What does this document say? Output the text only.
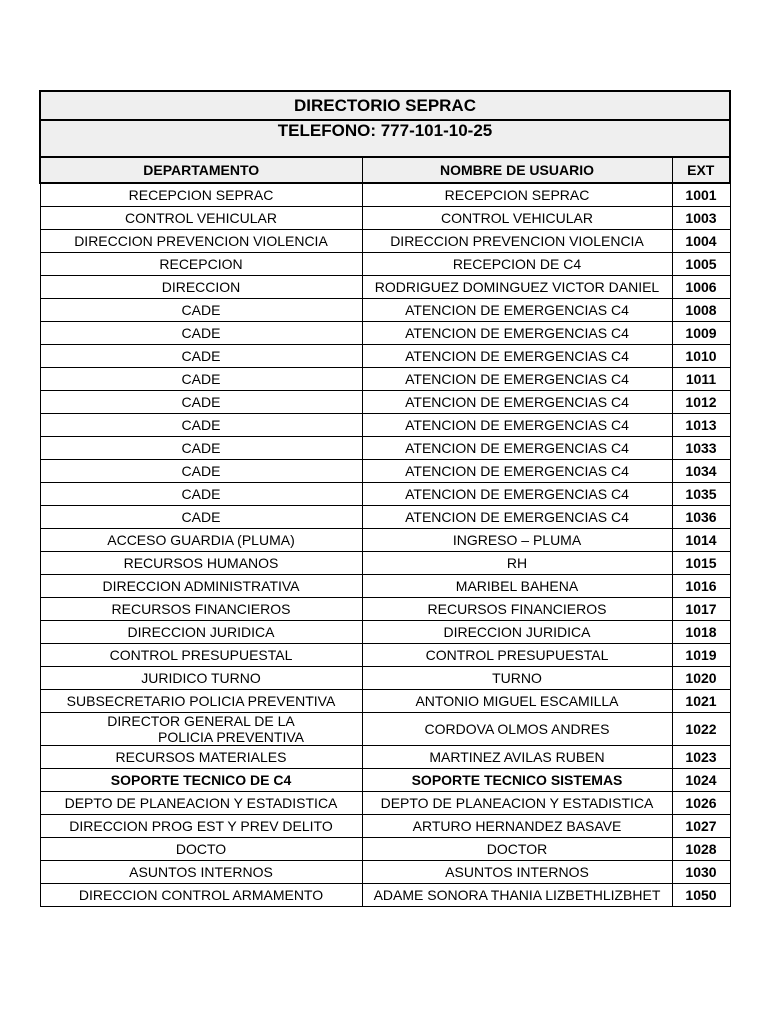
DIRECTORIO SEPRAC		
TELEFONO: 777-101-10-25		
DEPARTAMENTO	NOMBRE DE USUARIO	EXT
RECEPCION SEPRAC	RECEPCION SEPRAC	1001
CONTROL VEHICULAR	CONTROL VEHICULAR	1003
DIRECCION PREVENCION VIOLENCIA	DIRECCION PREVENCION VIOLENCIA	1004
RECEPCION	RECEPCION DE C4	1005
DIRECCION	RODRIGUEZ DOMINGUEZ VICTOR DANIEL	1006
CADE	ATENCION DE EMERGENCIAS C4	1008
CADE	ATENCION DE EMERGENCIAS C4	1009
CADE	ATENCION DE EMERGENCIAS C4	1010
CADE	ATENCION DE EMERGENCIAS C4	1011
CADE	ATENCION DE EMERGENCIAS C4	1012
CADE	ATENCION DE EMERGENCIAS C4	1013
CADE	ATENCION DE EMERGENCIAS C4	1033
CADE	ATENCION DE EMERGENCIAS C4	1034
CADE	ATENCION DE EMERGENCIAS C4	1035
CADE	ATENCION DE EMERGENCIAS C4	1036
ACCESO GUARDIA (PLUMA)	INGRESO – PLUMA	1014
RECURSOS HUMANOS	RH	1015
DIRECCION ADMINISTRATIVA	MARIBEL BAHENA	1016
RECURSOS FINANCIEROS	RECURSOS FINANCIEROS	1017
DIRECCION JURIDICA	DIRECCION JURIDICA	1018
CONTROL PRESUPUESTAL	CONTROL PRESUPUESTAL	1019
JURIDICO TURNO	TURNO	1020
SUBSECRETARIO POLICIA PREVENTIVA	ANTONIO MIGUEL ESCAMILLA	1021
DIRECTOR GENERAL DE LA
POLICIA PREVENTIVA	CORDOVA OLMOS ANDRES	1022
RECURSOS MATERIALES	MARTINEZ AVILAS RUBEN	1023
SOPORTE TECNICO DE C4	SOPORTE TECNICO SISTEMAS	1024
DEPTO DE PLANEACION Y ESTADISTICA	DEPTO DE PLANEACION Y ESTADISTICA	1026
DIRECCION PROG EST Y PREV DELITO	ARTURO HERNANDEZ BASAVE	1027
DOCTO	DOCTOR	1028
ASUNTOS INTERNOS	ASUNTOS INTERNOS	1030
DIRECCION CONTROL ARMAMENTO	ADAME SONORA THANIA LIZBETHLIZBHET	1050
